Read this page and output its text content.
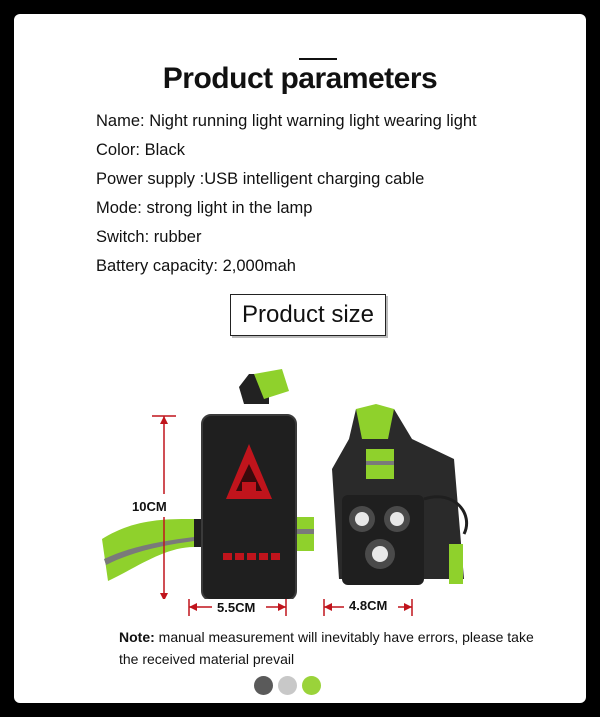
Product parameters
Name: Night running light warning light wearing light
Color: Black
Power supply :USB intelligent charging cable
Mode: strong light in the lamp
Switch: rubber
Battery capacity: 2,000mah
Product size
10CM
5.5CM	4.8CM
Note: manual measurement will inevitably have errors, please take the received material prevail
